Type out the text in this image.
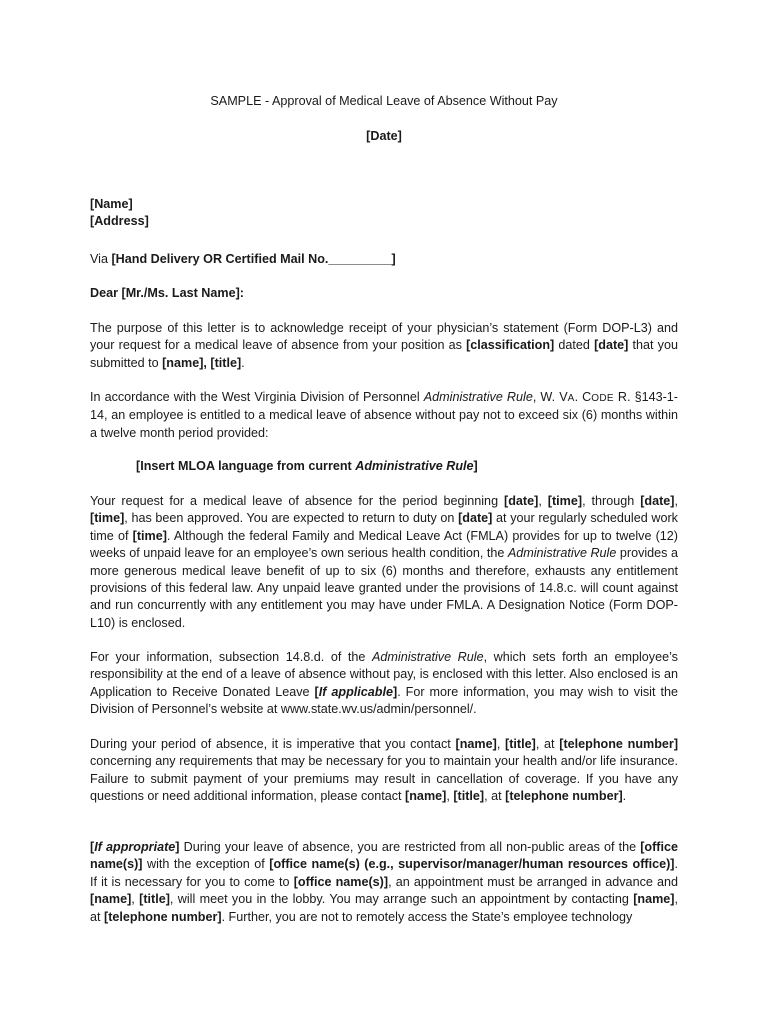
SAMPLE - Approval of Medical Leave of Absence Without Pay
[Date]
[Name]
[Address]
Via [Hand Delivery OR Certified Mail No._________]
Dear [Mr./Ms. Last Name]:

The purpose of this letter is to acknowledge receipt of your physician’s statement (Form DOP-L3) and your request for a medical leave of absence from your position as [classification] dated [date] that you submitted to [name], [title].

In accordance with the West Virginia Division of Personnel Administrative Rule, W. VA. CODE R. §143-1-14, an employee is entitled to a medical leave of absence without pay not to exceed six (6) months within a twelve month period provided:

[Insert MLOA language from current Administrative Rule]

Your request for a medical leave of absence for the period beginning [date], [time], through [date], [time], has been approved. You are expected to return to duty on [date] at your regularly scheduled work time of [time]. Although the federal Family and Medical Leave Act (FMLA) provides for up to twelve (12) weeks of unpaid leave for an employee’s own serious health condition, the Administrative Rule provides a more generous medical leave benefit of up to six (6) months and therefore, exhausts any entitlement provisions of this federal law. Any unpaid leave granted under the provisions of 14.8.c. will count against and run concurrently with any entitlement you may have under FMLA. A Designation Notice (Form DOP-L10) is enclosed.

For your information, subsection 14.8.d. of the Administrative Rule, which sets forth an employee’s responsibility at the end of a leave of absence without pay, is enclosed with this letter. Also enclosed is an Application to Receive Donated Leave [If applicable]. For more information, you may wish to visit the Division of Personnel’s website at www.state.wv.us/admin/personnel/.

During your period of absence, it is imperative that you contact [name], [title], at [telephone number] concerning any requirements that may be necessary for you to maintain your health and/or life insurance. Failure to submit payment of your premiums may result in cancellation of coverage. If you have any questions or need additional information, please contact [name], [title], at [telephone number].

[If appropriate] During your leave of absence, you are restricted from all non-public areas of the [office name(s)] with the exception of [office name(s) (e.g., supervisor/manager/human resources office)]. If it is necessary for you to come to [office name(s)], an appointment must be arranged in advance and [name], [title], will meet you in the lobby. You may arrange such an appointment by contacting [name], at [telephone number]. Further, you are not to remotely access the State’s employee technology
